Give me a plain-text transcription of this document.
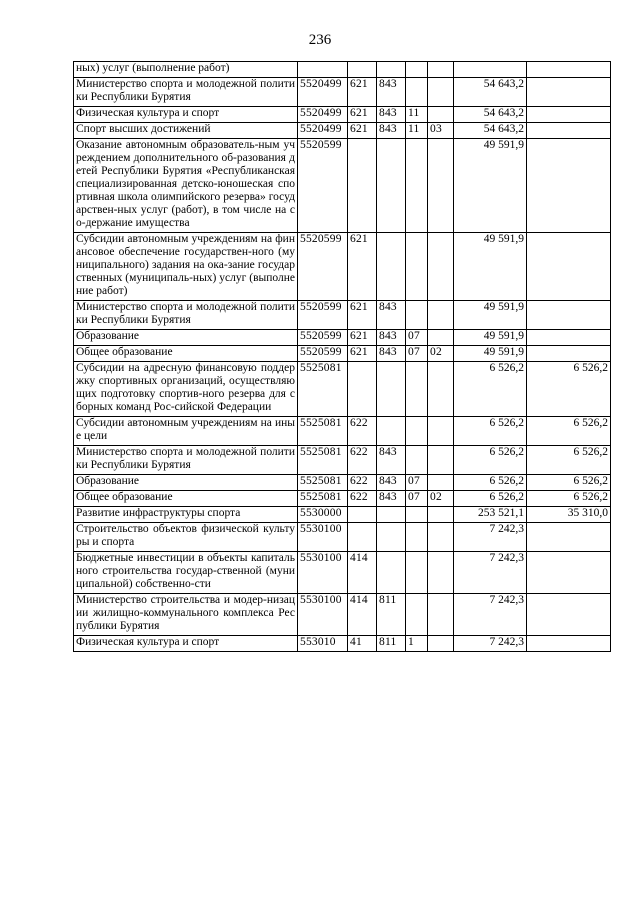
236
ных) услуг (выполнение работ)							
Министерство спорта и молодежной политики Республики Бурятия	5520499	621	843			54 643,2	
Физическая культура и спорт	5520499	621	843	11		54 643,2	
Спорт высших достижений	5520499	621	843	11	03	54 643,2	
Оказание автономным образователь-ным учреждением дополнительного об-разования детей Республики Бурятия «Республиканская специализированная детско-юношеская спортивная школа олимпийского резерва» государствен-ных услуг (работ), в том числе на со-держание имущества	5520599					49 591,9	
Субсидии автономным учреждениям на финансовое обеспечение государствен-ного (муниципального) задания на ока-зание государственных (муниципаль-ных) услуг (выполнение работ)	5520599	621				49 591,9	
Министерство спорта и молодежной политики Республики Бурятия	5520599	621	843			49 591,9	
Образование	5520599	621	843	07		49 591,9	
Общее образование	5520599	621	843	07	02	49 591,9	
Субсидии на адресную финансовую поддержку спортивных организаций, осуществляющих подготовку спортив-ного резерва для сборных команд Рос-сийской Федерации	5525081					6 526,2	6 526,2
Субсидии автономным учреждениям на иные цели	5525081	622				6 526,2	6 526,2
Министерство спорта и молодежной политики Республики Бурятия	5525081	622	843			6 526,2	6 526,2
Образование	5525081	622	843	07		6 526,2	6 526,2
Общее образование	5525081	622	843	07	02	6 526,2	6 526,2
Развитие инфраструктуры спорта	5530000					253 521,1	35 310,0
Строительство объектов физической культуры и спорта	5530100					7 242,3	
Бюджетные инвестиции в объекты капитального строительства государ-ственной (муниципальной) собственно-сти	5530100	414				7 242,3	
Министерство строительства и модер-низации жилищно-коммунального комплекса Республики Бурятия	5530100	414	811			7 242,3	
Физическая культура и спорт	553010	41	811	1		7 242,3	
